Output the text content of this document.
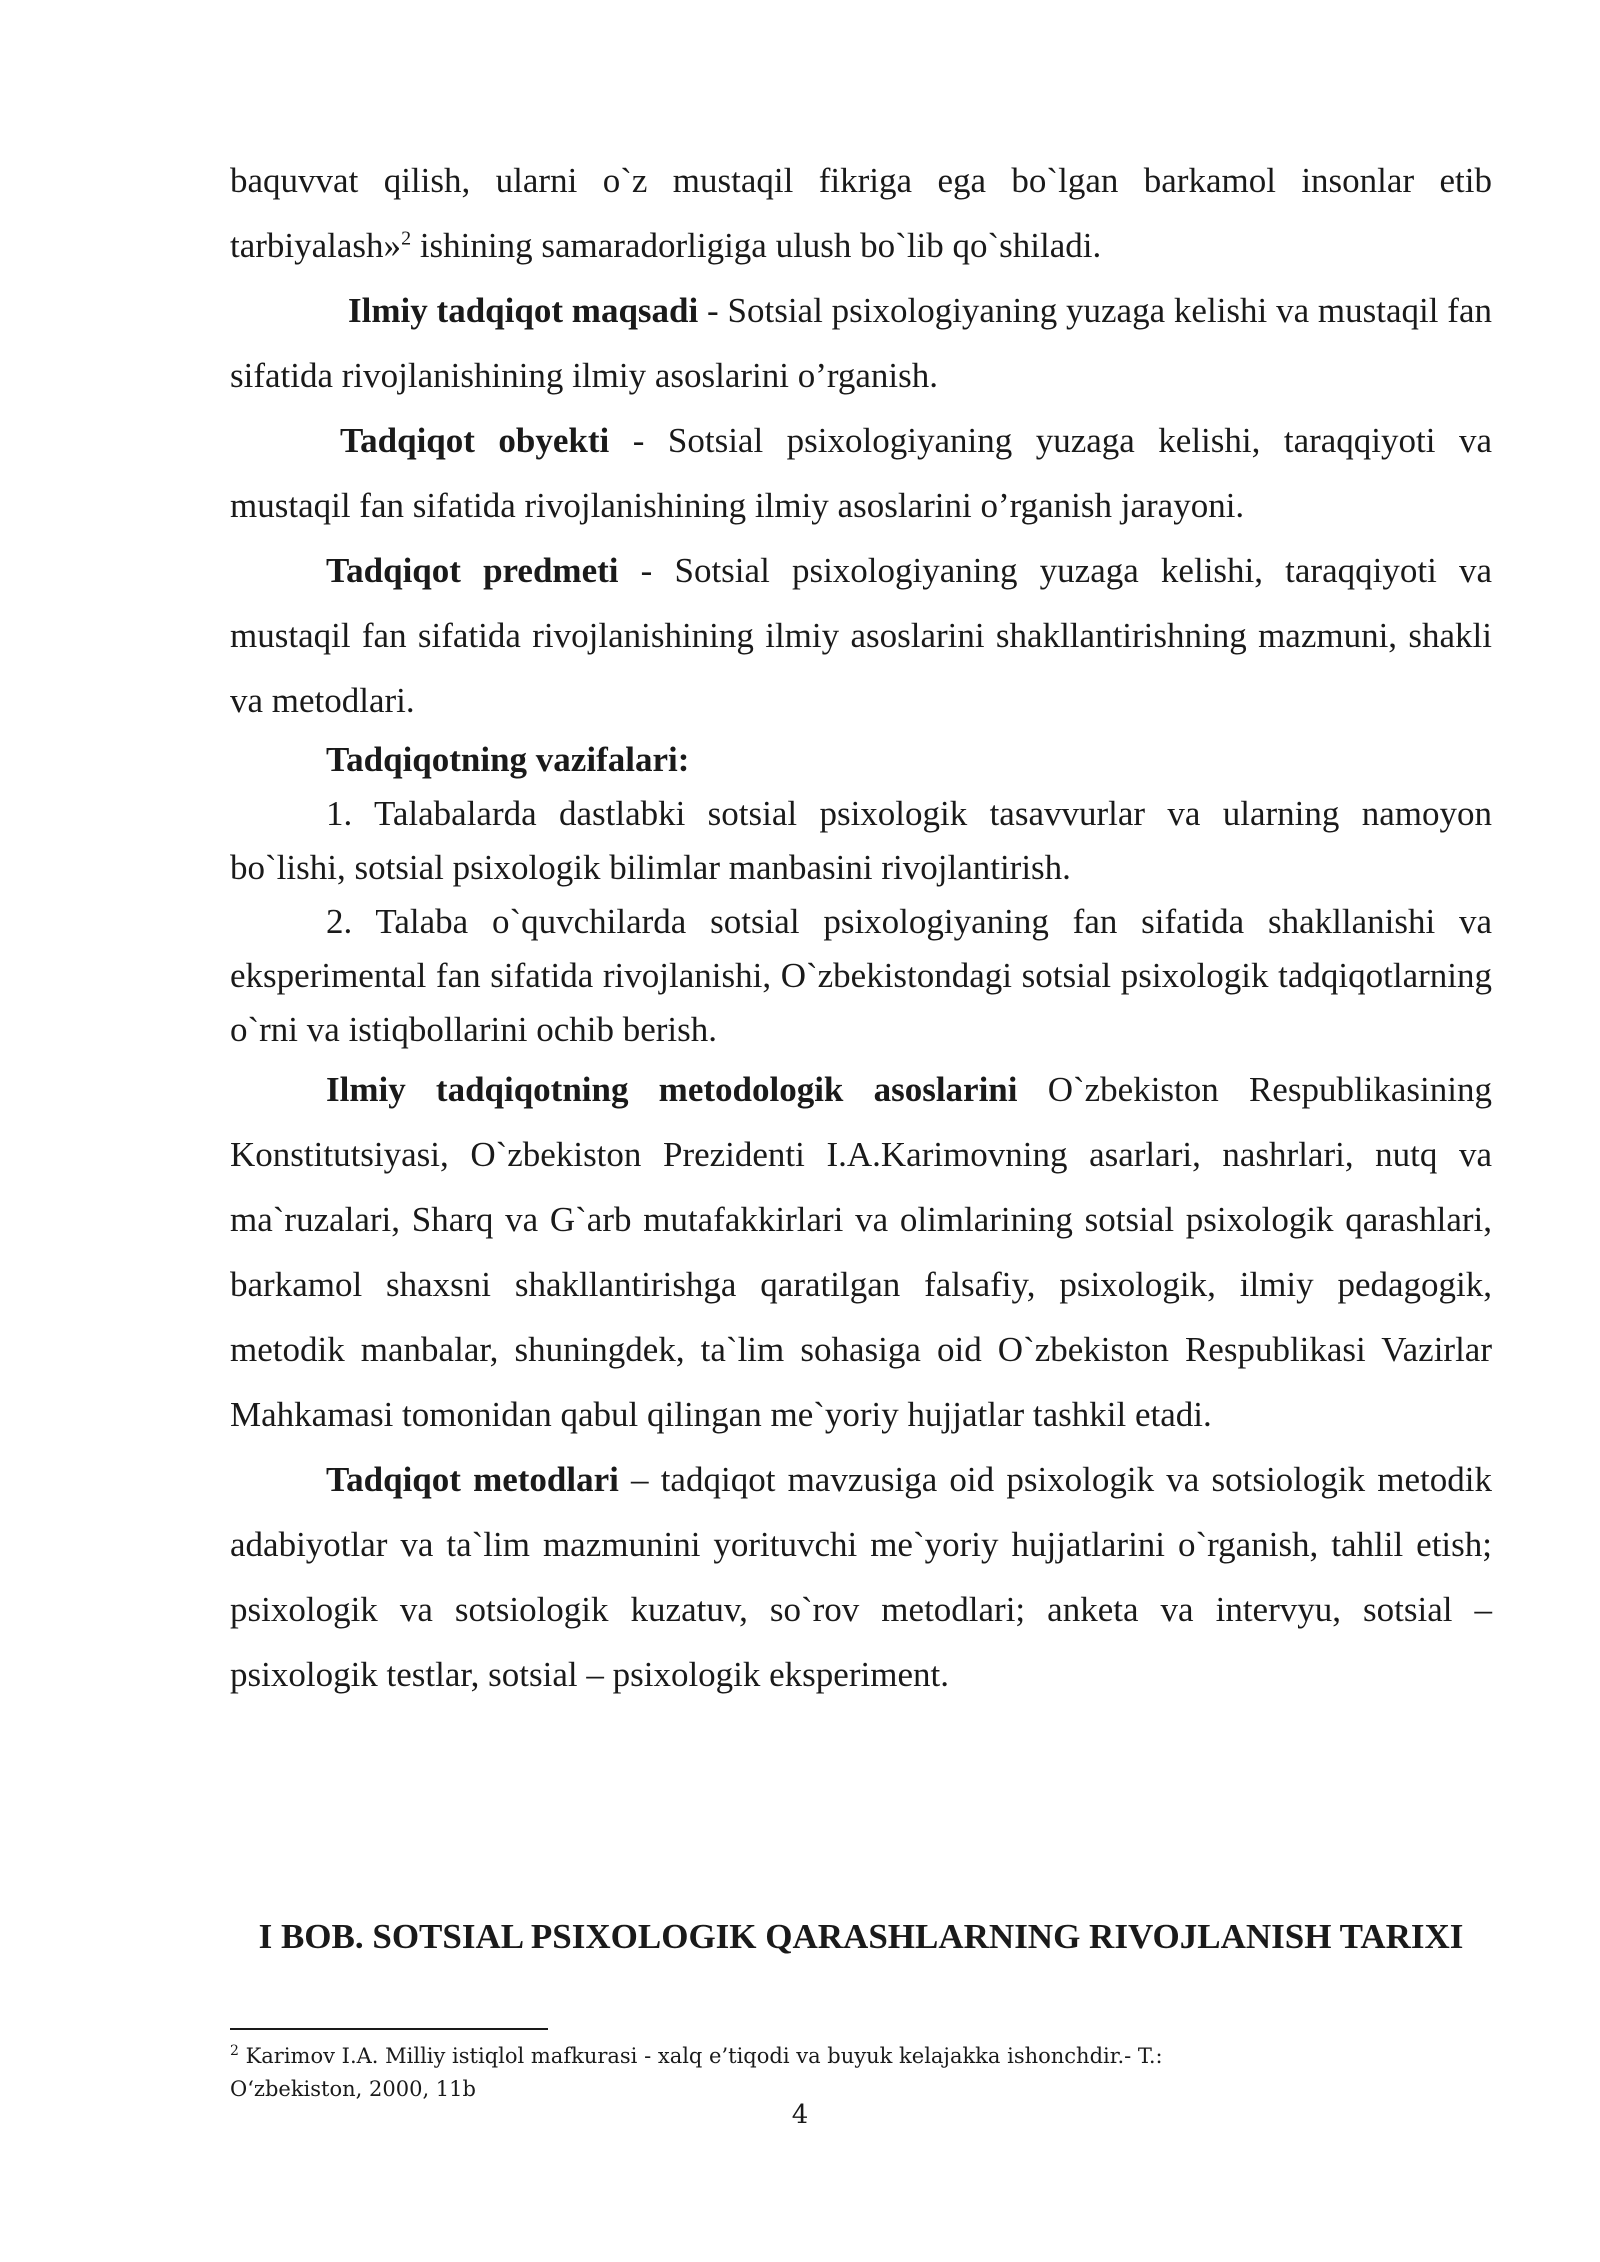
baquvvat qilish, ularni o`z mustaqil fikriga ega bo`lgan barkamol insonlar etib tarbiyalash»$^2$ ishining samaradorligiga ulush bo`lib qo`shiladi.

Ilmiy tadqiqot maqsadi - Sotsial psixologiyaning yuzaga kelishi va mustaqil fan sifatida rivojlanishining ilmiy asoslarini o’rganish.

Tadqiqot obyekti - Sotsial psixologiyaning yuzaga kelishi, taraqqiyoti va mustaqil fan sifatida rivojlanishining ilmiy asoslarini o’rganish jarayoni.

Tadqiqot predmeti - Sotsial psixologiyaning yuzaga kelishi, taraqqiyoti va mustaqil fan sifatida rivojlanishining ilmiy asoslarini shakllantirishning mazmuni, shakli va metodlari.

Tadqiqotning vazifalari:

1. Talabalarda dastlabki sotsial psixologik tasavvurlar va ularning namoyon bo`lishi, sotsial psixologik bilimlar manbasini rivojlantirish.

2. Talaba o`quvchilarda sotsial psixologiyaning fan sifatida shakllanishi va eksperimental fan sifatida rivojlanishi, O`zbekistondagi sotsial psixologik tadqiqotlarning o`rni va istiqbollarini ochib berish.

Ilmiy tadqiqotning metodologik asoslarini O`zbekiston Respublikasining Konstitutsiyasi, O`zbekiston Prezidenti I.A.Karimovning asarlari, nashrlari, nutq va ma`ruzalari, Sharq va G`arb mutafakkirlari va olimlarining sotsial psixologik qarashlari, barkamol shaxsni shakllantirishga qaratilgan falsafiy, psixologik, ilmiy pedagogik, metodik manbalar, shuningdek, ta`lim sohasiga oid O`zbekiston Respublikasi Vazirlar Mahkamasi tomonidan qabul qilingan me`yoriy hujjatlar tashkil etadi.

Tadqiqot metodlari – tadqiqot mavzusiga oid psixologik va sotsiologik metodik adabiyotlar va ta`lim mazmunini yorituvchi me`yoriy hujjatlarini o`rganish, tahlil etish; psixologik va sotsiologik kuzatuv, so`rov metodlari; anketa va intervyu, sotsial – psixologik testlar, sotsial – psixologik eksperiment.

I BOB. SOTSIAL PSIXOLOGIK QARASHLARNING RIVOJLANISH TARIXI
$^2$ Karimov I.A. Milliy istiqlol mafkurasi - xalq e’tiqodi va buyuk kelajakka ishonchdir.- T.: O‘zbekiston, 2000, 11b
4
